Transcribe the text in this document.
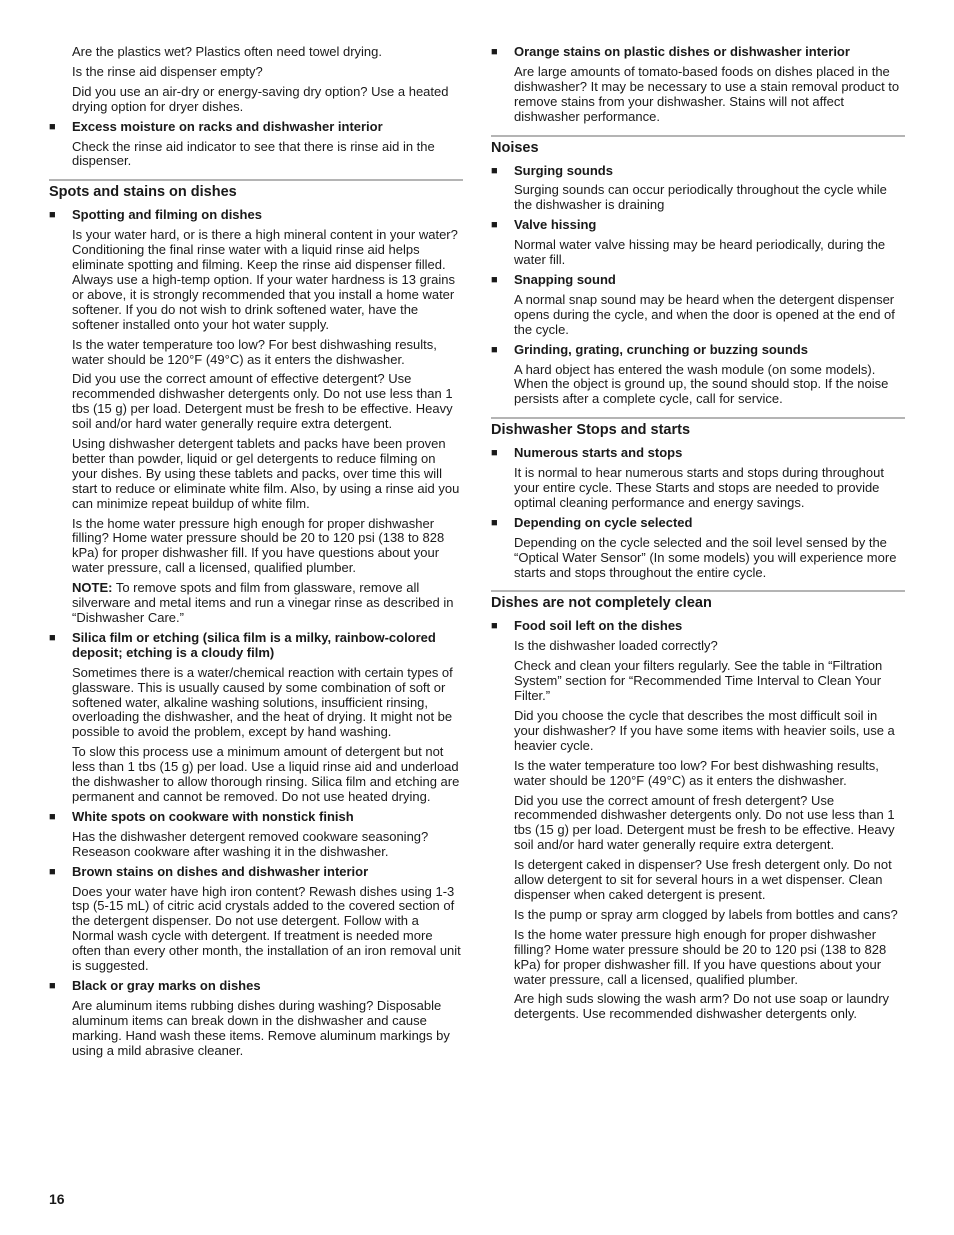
Are the plastics wet? Plastics often need towel drying.

Is the rinse aid dispenser empty?

Did you use an air-dry or energy-saving dry option? Use a heated drying option for dryer dishes.

■ Excess moisture on racks and dishwasher interior

Check the rinse aid indicator to see that there is rinse aid in the dispenser.

Spots and stains on dishes
■ Spotting and filming on dishes

Is your water hard, or is there a high mineral content in your water? Conditioning the final rinse water with a liquid rinse aid helps eliminate spotting and filming. Keep the rinse aid dispenser filled. Always use a high-temp option. If your water hardness is 13 grains or above, it is strongly recommended that you install a home water softener. If you do not wish to drink softened water, have the softener installed onto your hot water supply.

Is the water temperature too low? For best dishwashing results, water should be 120°F (49°C) as it enters the dishwasher.

Did you use the correct amount of effective detergent? Use recommended dishwasher detergents only. Do not use less than 1 tbs (15 g) per load. Detergent must be fresh to be effective. Heavy soil and/or hard water generally require extra detergent.

Using dishwasher detergent tablets and packs have been proven better than powder, liquid or gel detergents to reduce filming on your dishes. By using these tablets and packs, over time this will start to reduce or eliminate white film. Also, by using a rinse aid you can minimize repeat buildup of white film.

Is the home water pressure high enough for proper dishwasher filling? Home water pressure should be 20 to 120 psi (138 to 828 kPa) for proper dishwasher fill. If you have questions about your water pressure, call a licensed, qualified plumber.

NOTE: To remove spots and film from glassware, remove all silverware and metal items and run a vinegar rinse as described in “Dishwasher Care.”

■ Silica film or etching (silica film is a milky, rainbow-colored deposit; etching is a cloudy film)

Sometimes there is a water/chemical reaction with certain types of glassware. This is usually caused by some combination of soft or softened water, alkaline washing solutions, insufficient rinsing, overloading the dishwasher, and the heat of drying. It might not be possible to avoid the problem, except by hand washing.

To slow this process use a minimum amount of detergent but not less than 1 tbs (15 g) per load. Use a liquid rinse aid and underload the dishwasher to allow thorough rinsing. Silica film and etching are permanent and cannot be removed. Do not use heated drying.

■ White spots on cookware with nonstick finish

Has the dishwasher detergent removed cookware seasoning? Reseason cookware after washing it in the dishwasher.

■ Brown stains on dishes and dishwasher interior

Does your water have high iron content? Rewash dishes using 1-3 tsp (5-15 mL) of citric acid crystals added to the covered section of the detergent dispenser. Do not use detergent. Follow with a Normal wash cycle with detergent. If treatment is needed more often than every other month, the installation of an iron removal unit is suggested.

■ Black or gray marks on dishes

Are aluminum items rubbing dishes during washing? Disposable aluminum items can break down in the dishwasher and cause marking. Hand wash these items. Remove aluminum markings by using a mild abrasive cleaner.

■ Orange stains on plastic dishes or dishwasher interior

Are large amounts of tomato-based foods on dishes placed in the dishwasher? It may be necessary to use a stain removal product to remove stains from your dishwasher. Stains will not affect dishwasher performance.

Noises
■ Surging sounds

Surging sounds can occur periodically throughout the cycle while the dishwasher is draining

■ Valve hissing

Normal water valve hissing may be heard periodically, during the water fill.

■ Snapping sound

A normal snap sound may be heard when the detergent dispenser opens during the cycle, and when the door is opened at the end of the cycle.

■ Grinding, grating, crunching or buzzing sounds

A hard object has entered the wash module (on some models). When the object is ground up, the sound should stop. If the noise persists after a complete cycle, call for service.

Dishwasher Stops and starts
■ Numerous starts and stops

It is normal to hear numerous starts and stops during throughout your entire cycle. These Starts and stops are needed to provide optimal cleaning performance and energy savings.

■ Depending on cycle selected

Depending on the cycle selected and the soil level sensed by the “Optical Water Sensor” (In some models) you will experience more starts and stops throughout the entire cycle.

Dishes are not completely clean
■ Food soil left on the dishes

Is the dishwasher loaded correctly?

Check and clean your filters regularly. See the table in “Filtration System” section for “Recommended Time Interval to Clean Your Filter.”

Did you choose the cycle that describes the most difficult soil in your dishwasher? If you have some items with heavier soils, use a heavier cycle.

Is the water temperature too low? For best dishwashing results, water should be 120°F (49°C) as it enters the dishwasher.

Did you use the correct amount of fresh detergent? Use recommended dishwasher detergents only. Do not use less than 1 tbs (15 g) per load. Detergent must be fresh to be effective. Heavy soil and/or hard water generally require extra detergent.

Is detergent caked in dispenser? Use fresh detergent only. Do not allow detergent to sit for several hours in a wet dispenser. Clean dispenser when caked detergent is present.

Is the pump or spray arm clogged by labels from bottles and cans?

Is the home water pressure high enough for proper dishwasher filling? Home water pressure should be 20 to 120 psi (138 to 828 kPa) for proper dishwasher fill. If you have questions about your water pressure, call a licensed, qualified plumber.

Are high suds slowing the wash arm? Do not use soap or laundry detergents. Use recommended dishwasher detergents only.

16
